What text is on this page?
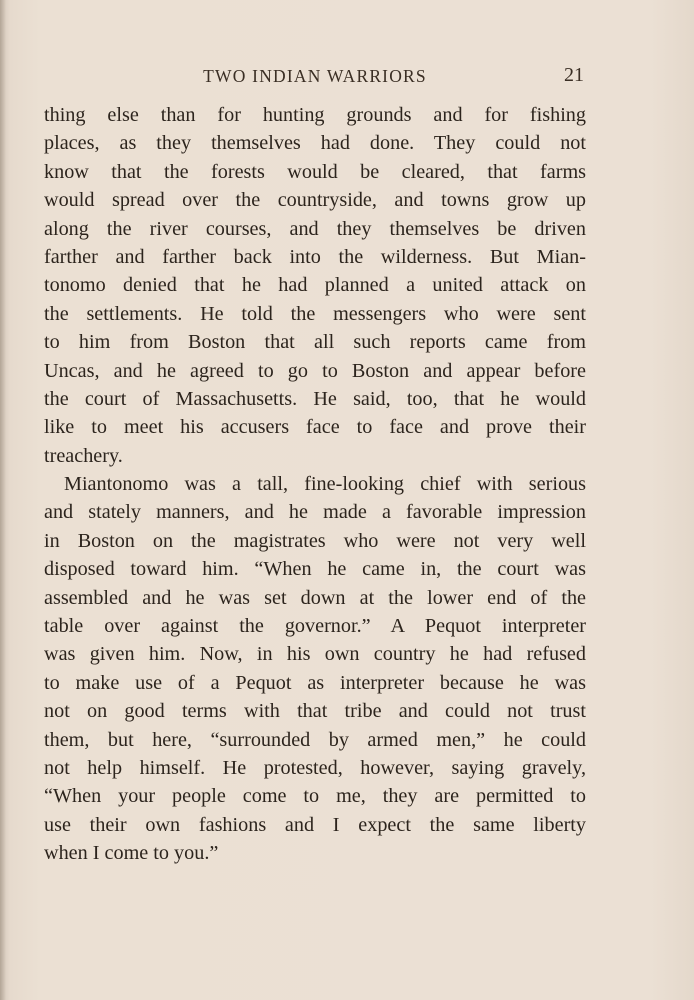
TWO INDIAN WARRIORS	21
thing else than for hunting grounds and for fishing
places, as they themselves had done. They could not
know that the forests would be cleared, that farms
would spread over the countryside, and towns grow up
along the river courses, and they themselves be driven
farther and farther back into the wilderness. But Mian-
tonomo denied that he had planned a united attack on
the settlements. He told the messengers who were sent
to him from Boston that all such reports came from
Uncas, and he agreed to go to Boston and appear before
the court of Massachusetts. He said, too, that he would
like to meet his accusers face to face and prove their
treachery.
Miantonomo was a tall, fine-looking chief with serious
and stately manners, and he made a favorable impression
in Boston on the magistrates who were not very well
disposed toward him. “When he came in, the court was
assembled and he was set down at the lower end of the
table over against the governor.” A Pequot interpreter
was given him. Now, in his own country he had refused
to make use of a Pequot as interpreter because he was
not on good terms with that tribe and could not trust
them, but here, “surrounded by armed men,” he could
not help himself. He protested, however, saying gravely,
“When your people come to me, they are permitted to
use their own fashions and I expect the same liberty
when I come to you.”
